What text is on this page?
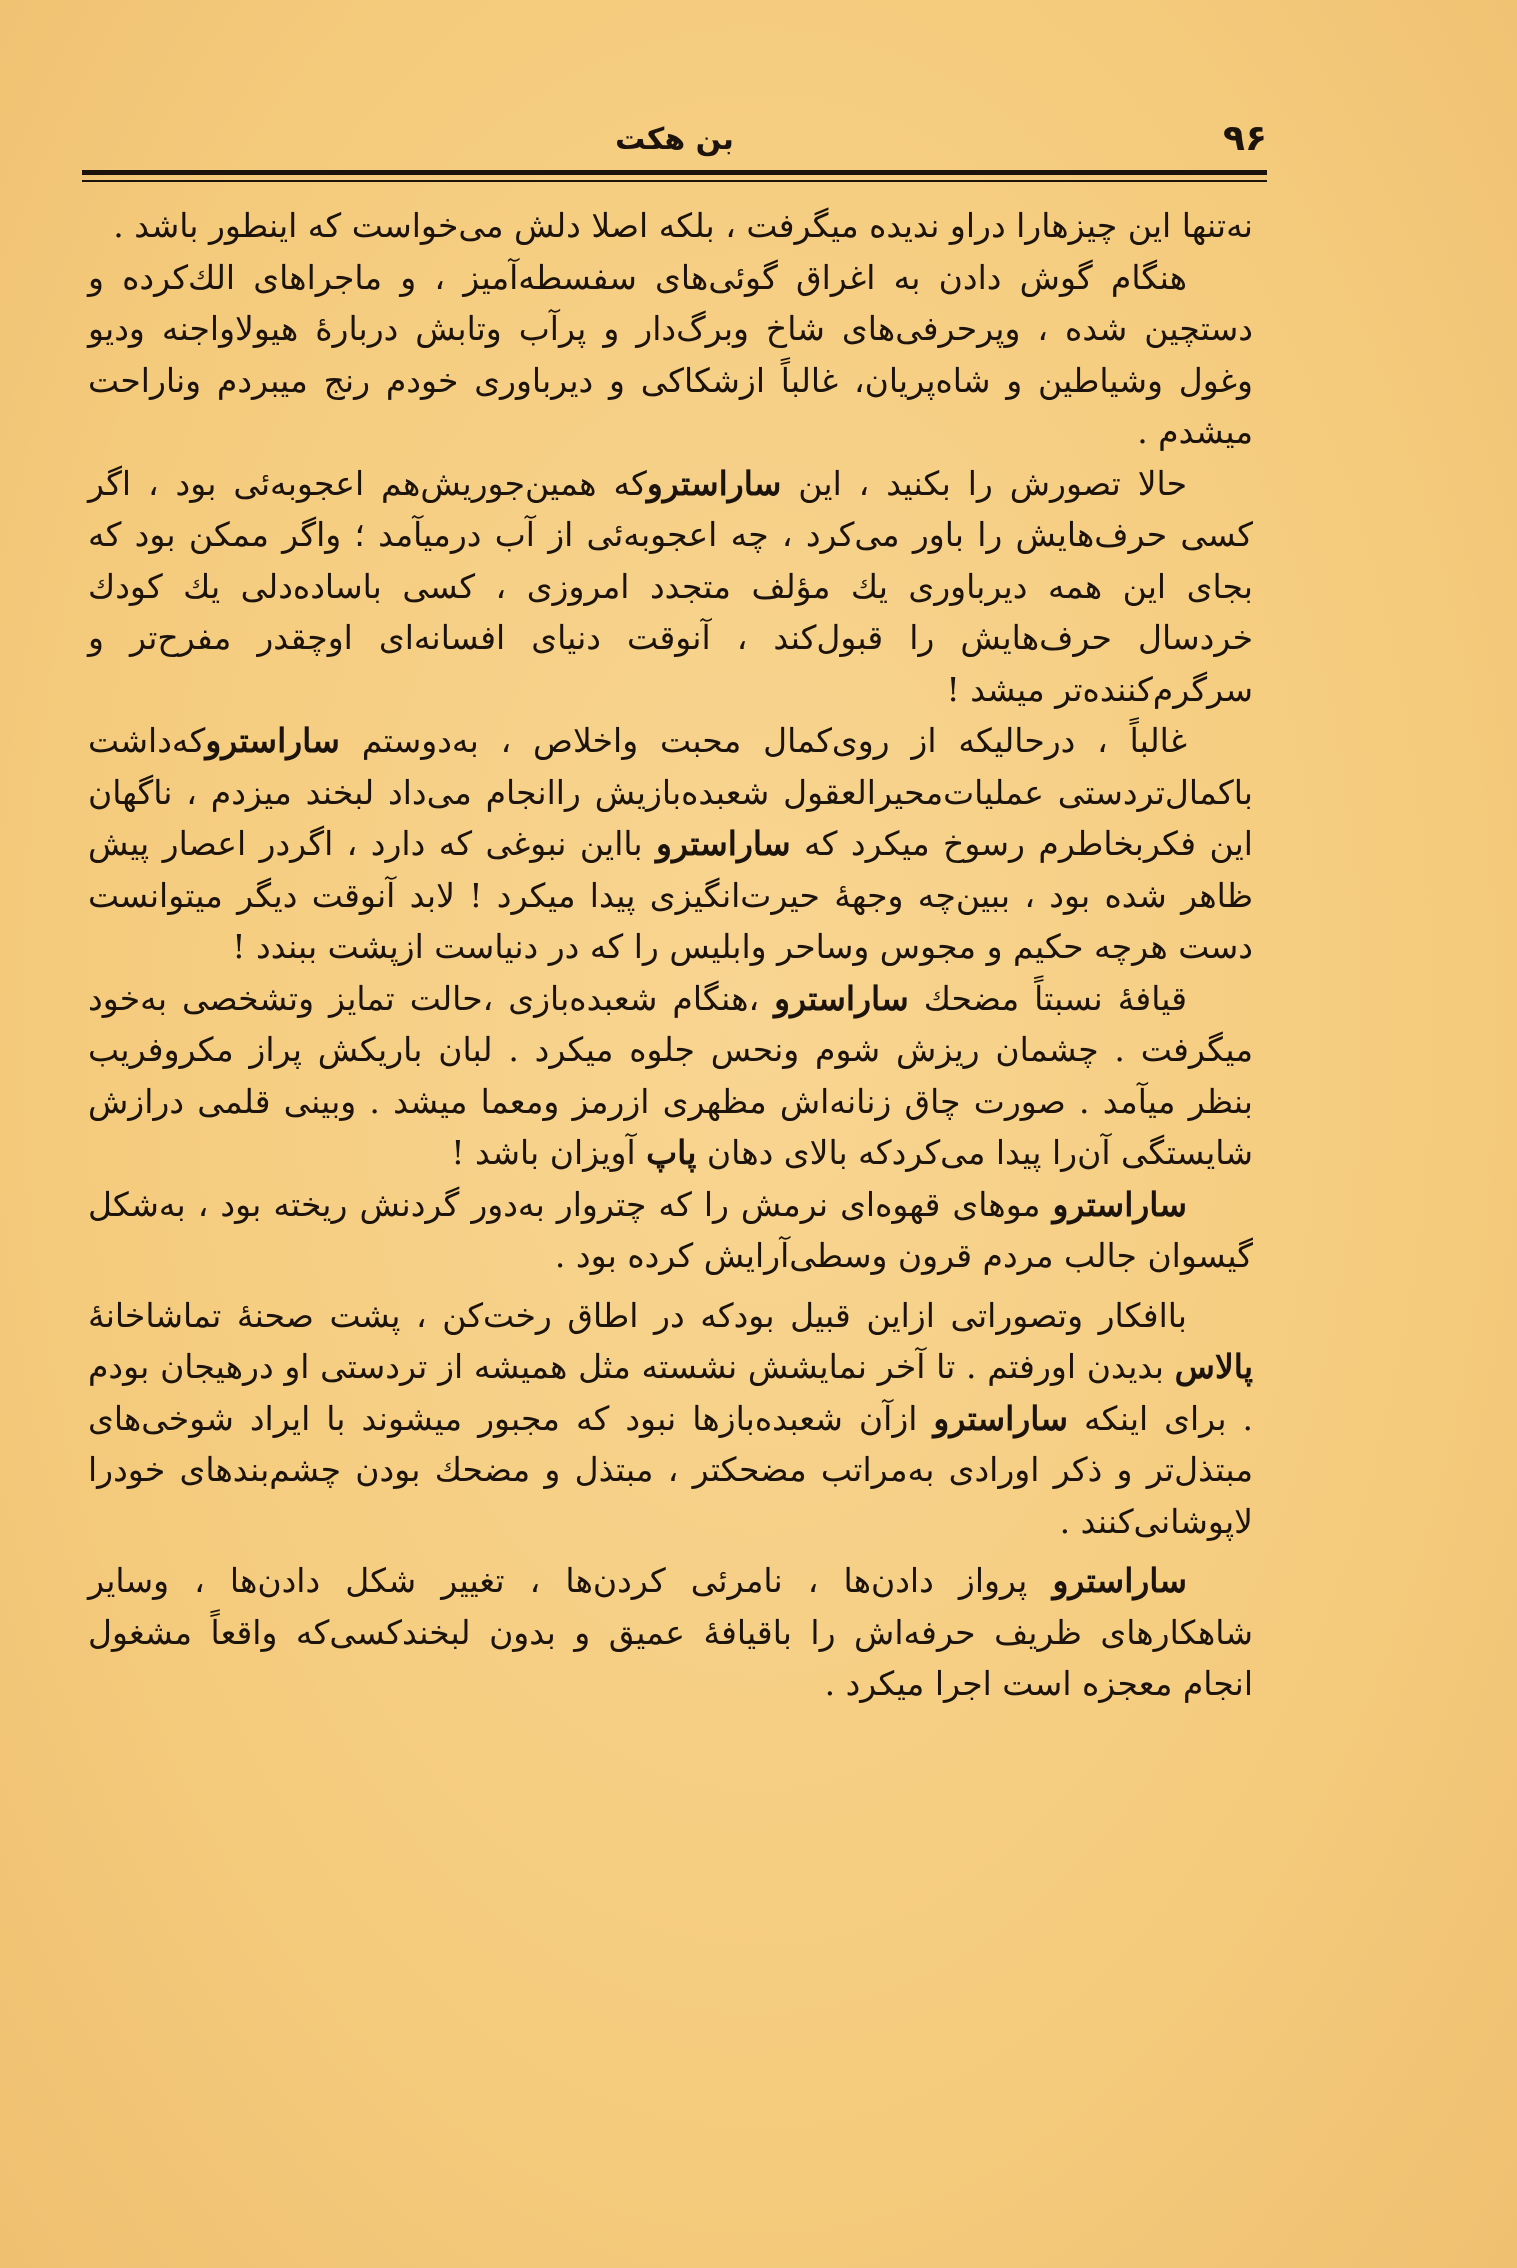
۹۶
بن هکت

نه‌تنها این چیزهارا دراو ندیده میگرفت ، بلکه اصلا دلش می‌خواست که اینطور باشد .

هنگام گوش دادن به اغراق گوئی‌های سفسطه‌آمیز ، و ماجراهای الك‌کرده و دستچین شده ، وپرحرفی‌های شاخ وبرگ‌دار و پرآب وتابش دربارهٔ هیولاواجنه ودیو وغول وشیاطین و شاه‌پریان، غالباً ازشکاکی و دیرباوری خودم رنج میبردم وناراحت میشدم .

حالا تصورش را بکنید ، این ساراستروکه همین‌جوریش‌هم اعجوبه‌ئی بود ، اگر کسی حرف‌هایش را باور می‌کرد ، چه اعجوبه‌ئی از آب درمیآمد ؛ واگر ممکن بود که بجای این همه دیرباوری یك مؤلف متجدد امروزی ، کسی باساده‌دلی یك کودك خردسال حرف‌هایش را قبول‌کند ، آنوقت دنیای افسانه‌ای اوچقدر مفرح‌تر و سرگرم‌کننده‌تر میشد !

غالباً ، درحالیکه از روی‌کمال محبت واخلاص ، به‌دوستم ساراستروکه‌داشت باکمال‌تردستی عملیات‌محیرالعقول شعبده‌بازیش راانجام می‌داد لبخند میزدم ، ناگهان این فکربخاطرم رسوخ میکرد که ساراسترو بااین نبوغی که دارد ، اگردر اعصار پیش ظاهر شده بود ، ببین‌چه وجههٔ حیرت‌انگیزی پیدا میکرد ! لابد آنوقت دیگر میتوانست دست هرچه حکیم و مجوس وساحر وابلیس را که در دنیاست ازپشت ببندد !

قیافهٔ نسبتاً مضحك ساراسترو ،هنگام شعبده‌بازی ،حالت تمایز وتشخصی به‌خود میگرفت . چشمان ریزش شوم ونحس جلوه میکرد . لبان باریکش پراز مکروفریب بنظر میآمد . صورت چاق زنانه‌اش مظهری ازرمز ومعما میشد . وبینی قلمی درازش شایستگی آن‌را پیدا می‌کردکه بالای دهان پاپ آویزان باشد !

ساراسترو موهای قهوه‌ای نرمش را که چتروار به‌دور گردنش ریخته بود ، به‌شکل گیسوان جالب مردم قرون وسطی‌آرایش کرده بود .

باافکار وتصوراتی ازاین قبیل بودکه در اطاق رخت‌کن ، پشت صحنهٔ تماشاخانهٔ پالاس بدیدن اورفتم . تا آخر نمایشش نشسته مثل همیشه از تردستی او درهیجان بودم . برای اینکه ساراسترو ازآن شعبده‌بازها نبود که مجبور میشوند با ایراد شوخی‌های مبتذل‌تر و ذکر اورادی به‌مراتب مضحکتر ، مبتذل و مضحك بودن چشم‌بندهای خودرا لاپوشانی‌کنند .

ساراسترو پرواز دادن‌ها ، نامرئی کردن‌ها ، تغییر شکل دادن‌ها ، وسایر شاهکارهای ظریف حرفه‌اش را باقیافهٔ عمیق و بدون لبخندکسی‌که واقعاً مشغول انجام معجزه است اجرا میکرد .
